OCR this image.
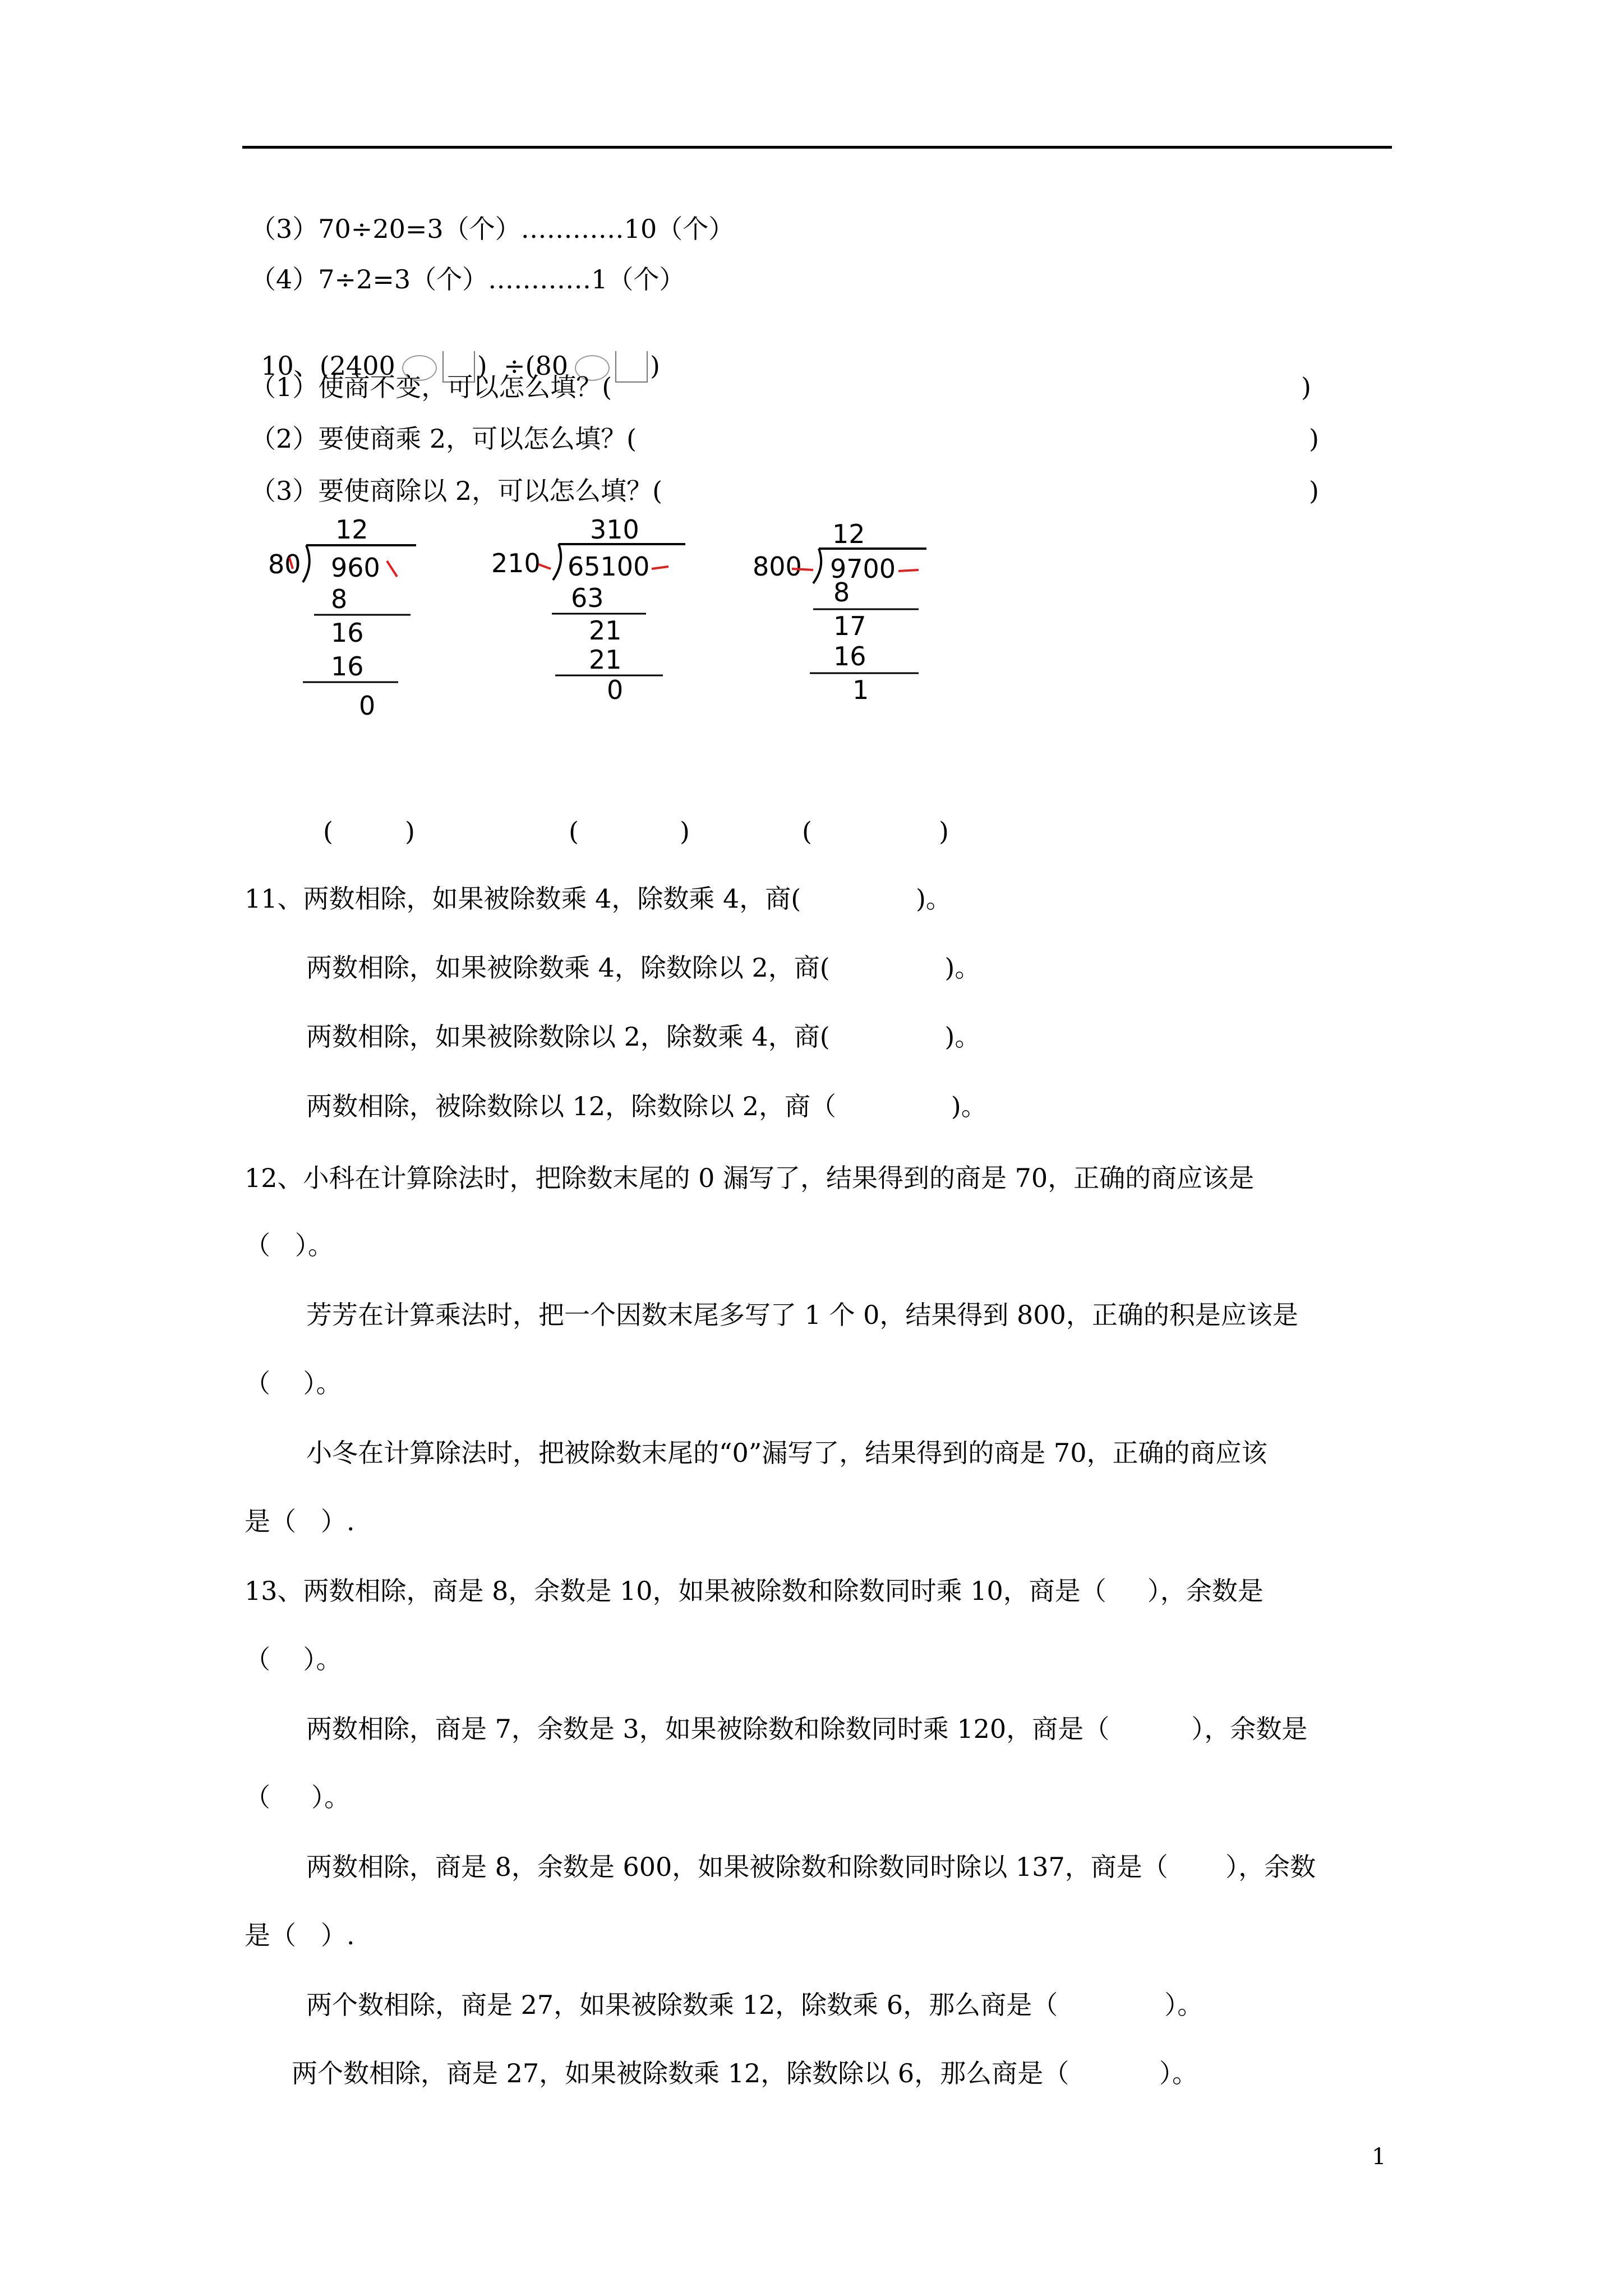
（3）70÷20=3（个）…………10（个）
（4）7÷2=3（个）…………1（个）

10、(2400	)  ÷(80	)

（1）使商不变，可以怎么填？(	)
（2）要使商乘 2，可以怎么填？(	)
（3）要使商除以 2，可以怎么填？(	)
12
80 960
8
16
16
0
310
210 65100
63
21
21
0
12
800 9700
8
17
16
1
(	)	(	)	(	)
11、两数相除，如果被除数乘 4，除数乘 4，商(              )。
两数相除，如果被除数乘 4，除数除以 2，商(              )。
两数相除，如果被除数除以 2，除数乘 4，商(              )。
两数相除，被除数除以 12，除数除以 2，商（              )。
12、小科在计算除法时，把除数末尾的 0 漏写了，结果得到的商是 70，正确的商应该是
（   ）。
芳芳在计算乘法时，把一个因数末尾多写了 1 个 0，结果得到 800，正确的积是应该是
（    ）。
小冬在计算除法时，把被除数末尾的“0”漏写了，结果得到的商是 70，正确的商应该
是（   ）.
13、两数相除，商是 8，余数是 10，如果被除数和除数同时乘 10，商是（     ），余数是
（    ）。
两数相除，商是 7，余数是 3，如果被除数和除数同时乘 120，商是（          ），余数是
（     ）。
两数相除，商是 8，余数是 600，如果被除数和除数同时除以 137，商是（       ），余数
是（   ）.
两个数相除，商是 27，如果被除数乘 12，除数乘 6，那么商是（             ）。
两个数相除，商是 27，如果被除数乘 12，除数除以 6，那么商是（           ）。
1
